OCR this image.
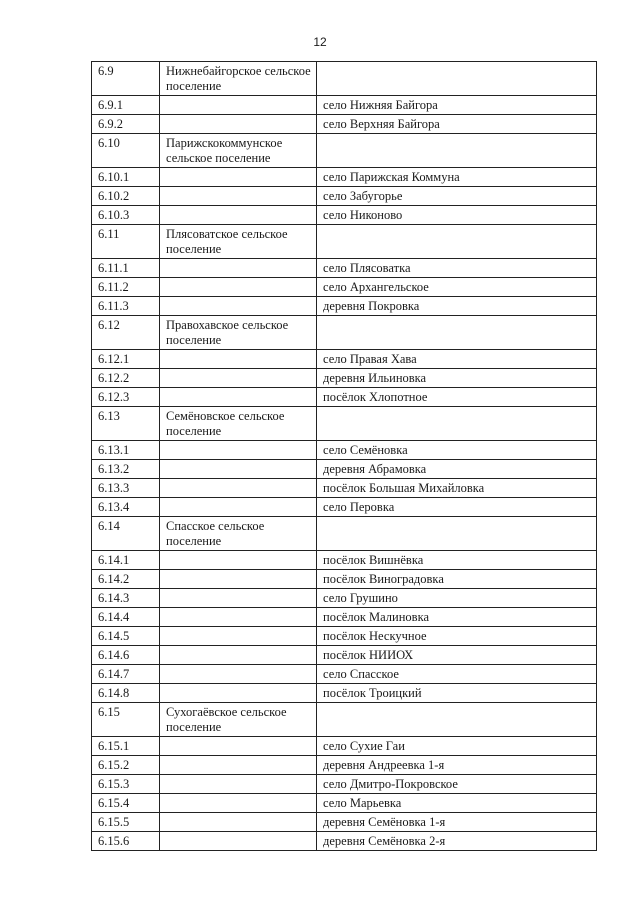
12
6.9	Нижнебайгорское сельское поселение	
6.9.1		село Нижняя Байгора
6.9.2		село Верхняя Байгора
6.10	Парижскокоммунское сельское поселение	
6.10.1		село Парижская Коммуна
6.10.2		село Забугорье
6.10.3		село Никоново
6.11	Плясоватское сельское поселение	
6.11.1		село Плясоватка
6.11.2		село Архангельское
6.11.3		деревня Покровка
6.12	Правохавское сельское поселение	
6.12.1		село Правая Хава
6.12.2		деревня Ильиновка
6.12.3		посёлок Хлопотное
6.13	Семёновское сельское поселение	
6.13.1		село Семёновка
6.13.2		деревня Абрамовка
6.13.3		посёлок Большая Михайловка
6.13.4		село Перовка
6.14	Спасское сельское поселение	
6.14.1		посёлок Вишнёвка
6.14.2		посёлок Виноградовка
6.14.3		село Грушино
6.14.4		посёлок Малиновка
6.14.5		посёлок Нескучное
6.14.6		посёлок НИИОХ
6.14.7		село Спасское
6.14.8		посёлок Троицкий
6.15	Сухогаёвское сельское поселение	
6.15.1		село Сухие Гаи
6.15.2		деревня Андреевка 1-я
6.15.3		село Дмитро-Покровское
6.15.4		село Марьевка
6.15.5		деревня Семёновка 1-я
6.15.6		деревня Семёновка 2-я
